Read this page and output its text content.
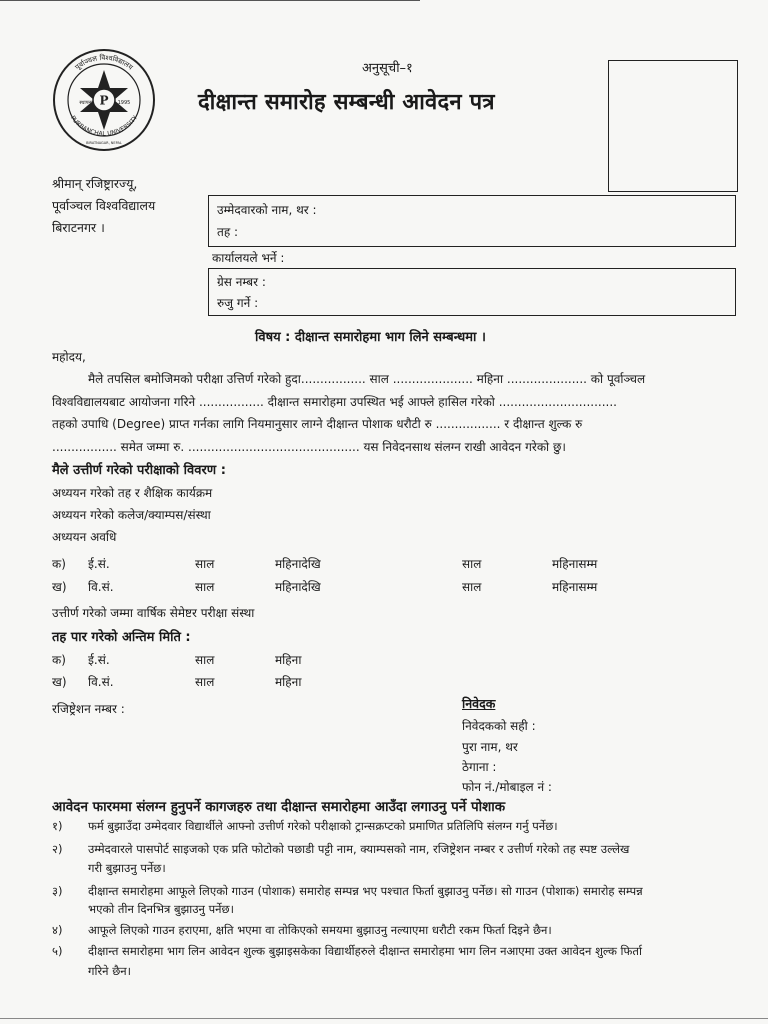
P
स्थापना	1995
पूर्वाञ्चल विश्वविद्यालय
PURBANCHAL UNIVERSITY
BIRATNAGAR, NEPAL
अनुसूची–१
दीक्षान्त समारोह सम्बन्धी आवेदन पत्र
श्रीमान् रजिष्ट्रारज्यू,
पूर्वाञ्चल विश्वविद्यालय
बिराटनगर ।
उम्मेदवारको नाम, थर :
तह :
कार्यालयले भर्ने :
ग्रेस नम्बर :
रुजु गर्ने :
विषय : दीक्षान्त समारोहमा भाग लिने सम्बन्धमा ।
महोदय,
मैले तपसिल बमोजिमको परीक्षा उत्तिर्ण गरेको हुदा................. साल ..................... महिना ..................... को पूर्वाञ्चल
विश्वविद्यालयबाट आयोजना गरिने ................. दीक्षान्त समारोहमा उपस्थित भई आफ्ले हासिल गरेको ...............................
तहको उपाधि (Degree) प्राप्त गर्नका लागि नियमानुसार लाग्ने दीक्षान्त पोशाक धरौटी रु ................. र दीक्षान्त शुल्क रु
................. समेत जम्मा रु. ............................................. यस निवेदनसाथ संलग्न राखी आवेदन गरेको छु।
मैले उत्तीर्ण गरेको परीक्षाको विवरण :
अध्ययन गरेको तह र शैक्षिक कार्यक्रम
अध्ययन गरेको कलेज/क्याम्पस/संस्था
अध्ययन अवधि
क) ई.सं.	साल	महिनादेखि	साल	महिनासम्म
ख) वि.सं.	साल	महिनादेखि	साल	महिनासम्म
उत्तीर्ण गरेको जम्मा वार्षिक सेमेष्टर परीक्षा संस्था
तह पार गरेको अन्तिम मिति :
क) ई.सं.	साल	महिना
ख) वि.सं.	साल	महिना
रजिष्ट्रेशन नम्बर :	निवेदक
निवेदकको सही :
पुरा नाम, थर
ठेगाना :
फोन नं./मोबाइल नं :
आवेदन फारममा संलग्न हुनुपर्ने कागजहरु तथा दीक्षान्त समारोहमा आउँदा लगाउनु पर्ने पोशाक
१) फर्म बुझाउँदा उम्मेदवार विद्यार्थीले आफ्नो उत्तीर्ण गरेको परीक्षाको ट्रान्सक्रप्टको प्रमाणित प्रतिलिपि संलग्न गर्नु पर्नेछ।
२) उम्मेदवारले पासपोर्ट साइजको एक प्रति फोटोको पछाडी पट्टी नाम, क्याम्पसको नाम, रजिष्ट्रेशन नम्बर र उत्तीर्ण गरेको तह स्पष्ट उल्लेख
गरी बुझाउनु पर्नेछ।
३) दीक्षान्त समारोहमा आफूले लिएको गाउन (पोशाक) समारोह सम्पन्न भए पश्चात फिर्ता बुझाउनु पर्नेछ। सो गाउन (पोशाक) समारोह सम्पन्न
भएको तीन दिनभित्र बुझाउनु पर्नेछ।
४) आफूले लिएको गाउन हराएमा, क्षति भएमा वा तोकिएको समयमा बुझाउनु नल्याएमा धरौटी रकम फिर्ता दिइने छैन।
५) दीक्षान्त समारोहमा भाग लिन आवेदन शुल्क बुझाइसकेका विद्यार्थीहरुले दीक्षान्त समारोहमा भाग लिन नआएमा उक्त आवेदन शुल्क फिर्ता
गरिने छैन।
